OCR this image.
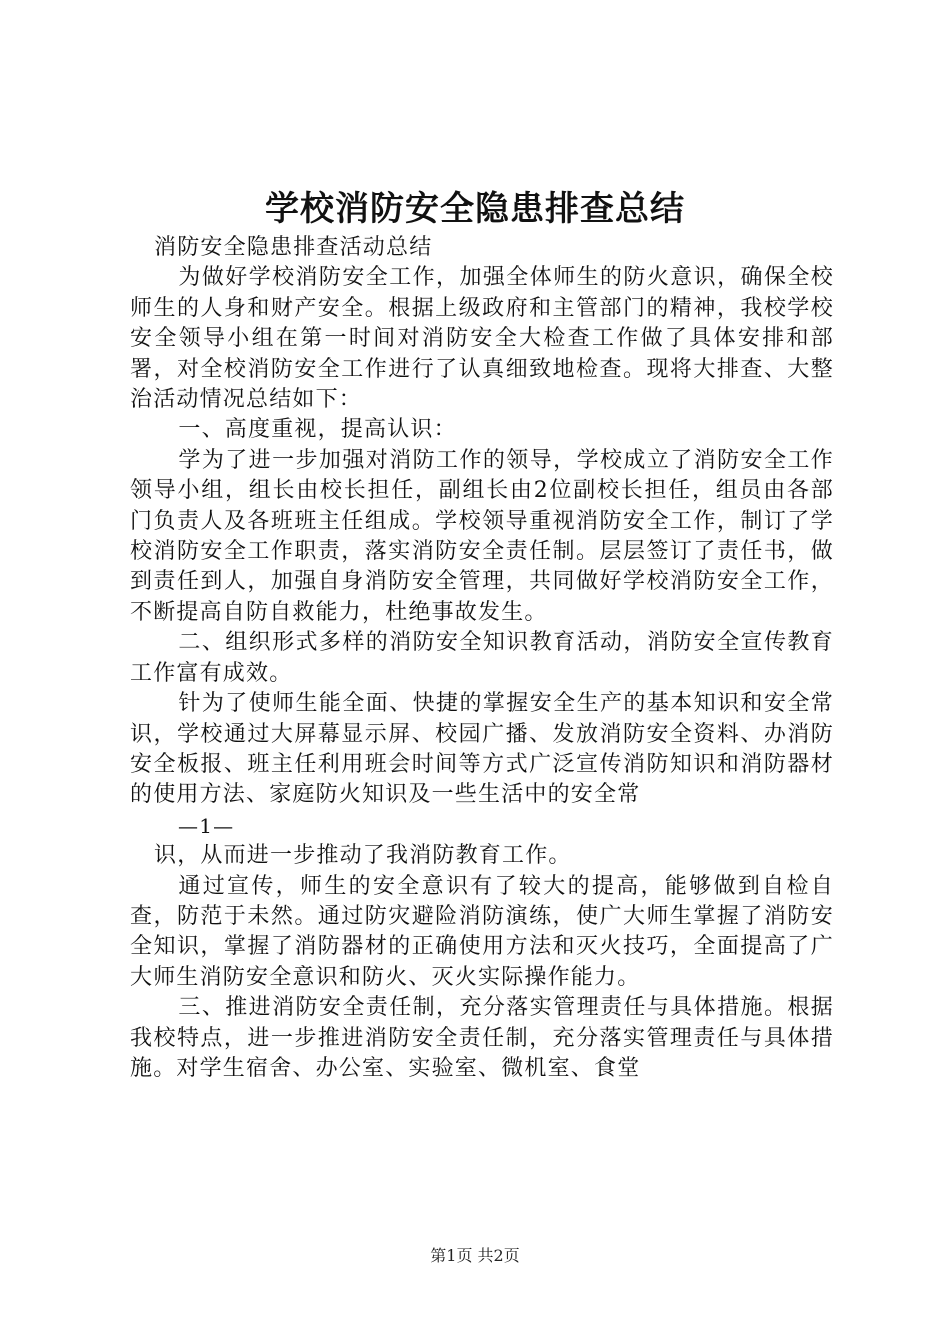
学校消防安全隐患排查总结

消防安全隐患排查活动总结

为做好学校消防安全工作，加强全体师生的防火意识，确保全校师生的人身和财产安全。根据上级政府和主管部门的精神，我校学校安全领导小组在第一时间对消防安全大检查工作做了具体安排和部署，对全校消防安全工作进行了认真细致地检查。现将大排查、大整治活动情况总结如下：

一、高度重视，提高认识：

学为了进一步加强对消防工作的领导，学校成立了消防安全工作领导小组，组长由校长担任，副组长由2位副校长担任，组员由各部门负责人及各班班主任组成。学校领导重视消防安全工作，制订了学校消防安全工作职责，落实消防安全责任制。层层签订了责任书，做到责任到人，加强自身消防安全管理，共同做好学校消防安全工作，不断提高自防自救能力，杜绝事故发生。

二、组织形式多样的消防安全知识教育活动，消防安全宣传教育工作富有成效。

针为了使师生能全面、快捷的掌握安全生产的基本知识和安全常识，学校通过大屏幕显示屏、校园广播、发放消防安全资料、办消防安全板报、班主任利用班会时间等方式广泛宣传消防知识和消防器材的使用方法、家庭防火知识及一些生活中的安全常

—1—

识，从而进一步推动了我消防教育工作。

通过宣传，师生的安全意识有了较大的提高，能够做到自检自查，防范于未然。通过防灾避险消防演练，使广大师生掌握了消防安全知识，掌握了消防器材的正确使用方法和灭火技巧，全面提高了广大师生消防安全意识和防火、灭火实际操作能力。

三、推进消防安全责任制，充分落实管理责任与具体措施。根据我校特点，进一步推进消防安全责任制，充分落实管理责任与具体措施。对学生宿舍、办公室、实验室、微机室、食堂

第1页 共2页
